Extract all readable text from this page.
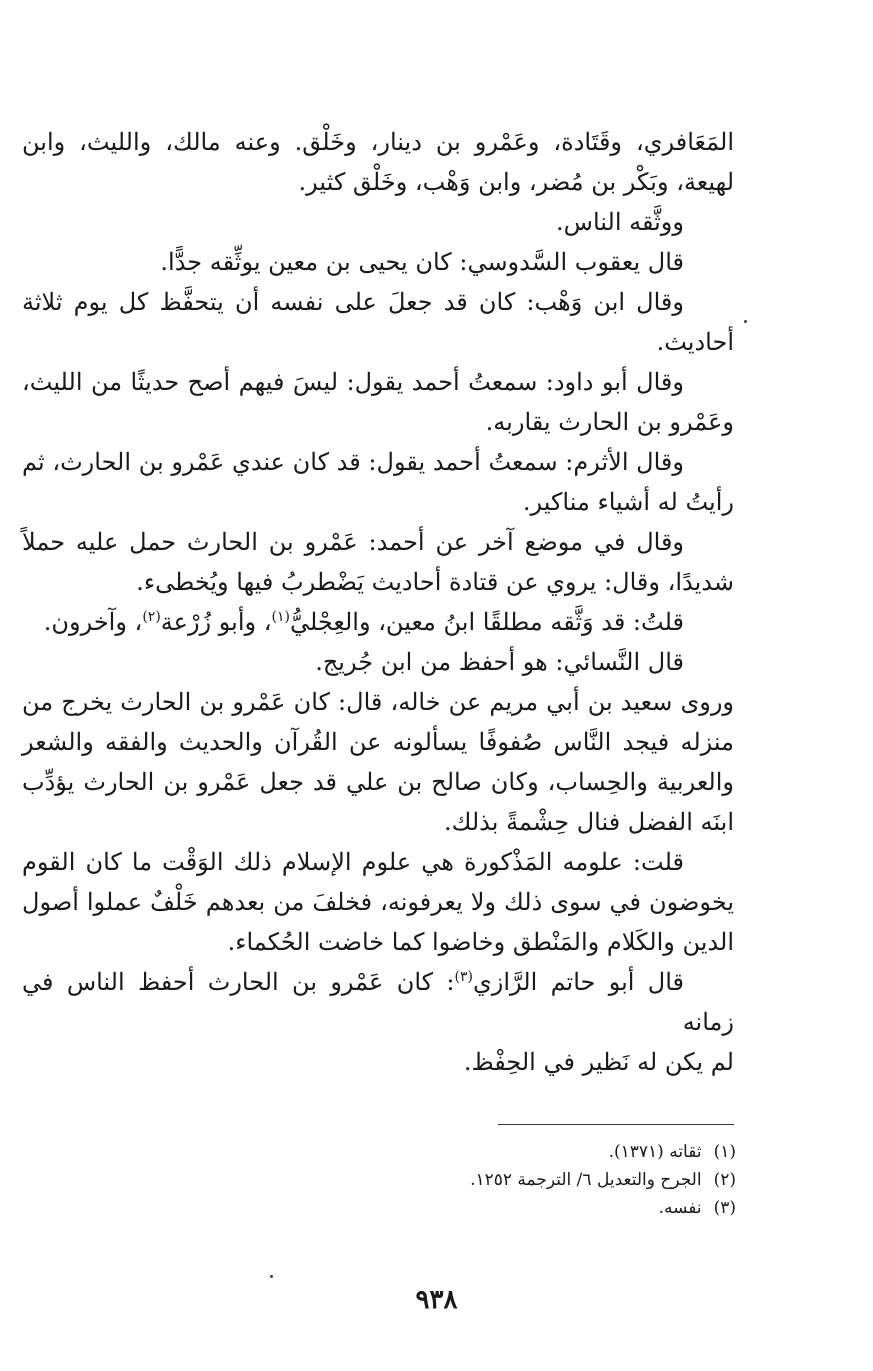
المَعَافري، وقَتَادة، وعَمْرو بن دينار، وخَلْق. وعنه مالك، والليث، وابن لهيعة، وبَكْر بن مُضر، وابن وَهْب، وخَلْق كثير.

ووثَّقه الناس.

قال يعقوب السَّدوسي: كان يحيى بن معين يوثِّقه جدًّا.

وقال ابن وَهْب: كان قد جعلَ على نفسه أن يتحفَّظ كل يوم ثلاثة أحاديث.

وقال أبو داود: سمعتُ أحمد يقول: ليسَ فيهم أصح حديثًا من الليث، وعَمْرو بن الحارث يقاربه.

وقال الأثرم: سمعتُ أحمد يقول: قد كان عندي عَمْرو بن الحارث، ثم رأيتُ له أشياء مناكير.

وقال في موضع آخر عن أحمد: عَمْرو بن الحارث حمل عليه حملاً شديدًا، وقال: يروي عن قتادة أحاديث يَضْطربُ فيها ويُخطىء.

قلتُ: قد وَثَّقه مطلقًا ابنُ معين، والعِجْليُّ$^{(١)}$، وأبو زُرْعة$^{(٢)}$، وآخرون.

قال النَّسائي: هو أحفظ من ابن جُريج.

وروى سعيد بن أبي مريم عن خاله، قال: كان عَمْرو بن الحارث يخرج من منزله فيجد النَّاس صُفوفًا يسألونه عن القُرآن والحديث والفقه والشعر والعربية والحِساب، وكان صالح بن علي قد جعل عَمْرو بن الحارث يؤدِّب ابنَه الفضل فنال حِشْمةً بذلك.

قلت: علومه المَذْكورة هي علوم الإسلام ذلك الوَقْت ما كان القوم يخوضون في سوى ذلك ولا يعرفونه، فخلفَ من بعدهم خَلْفٌ عملوا أصول الدين والكَلام والمَنْطق وخاضوا كما خاضت الحُكماء.

قال أبو حاتم الرَّازي$^{(٣)}$: كان عَمْرو بن الحارث أحفظ الناس في زمانه

لم يكن له نَظير في الحِفْظ.

(١)
ثقاته (١٣٧١).
(٢)
الجرح والتعديل ٦/ الترجمة ١٢٥٢.
(٣)
نفسه.
٩٣٨
